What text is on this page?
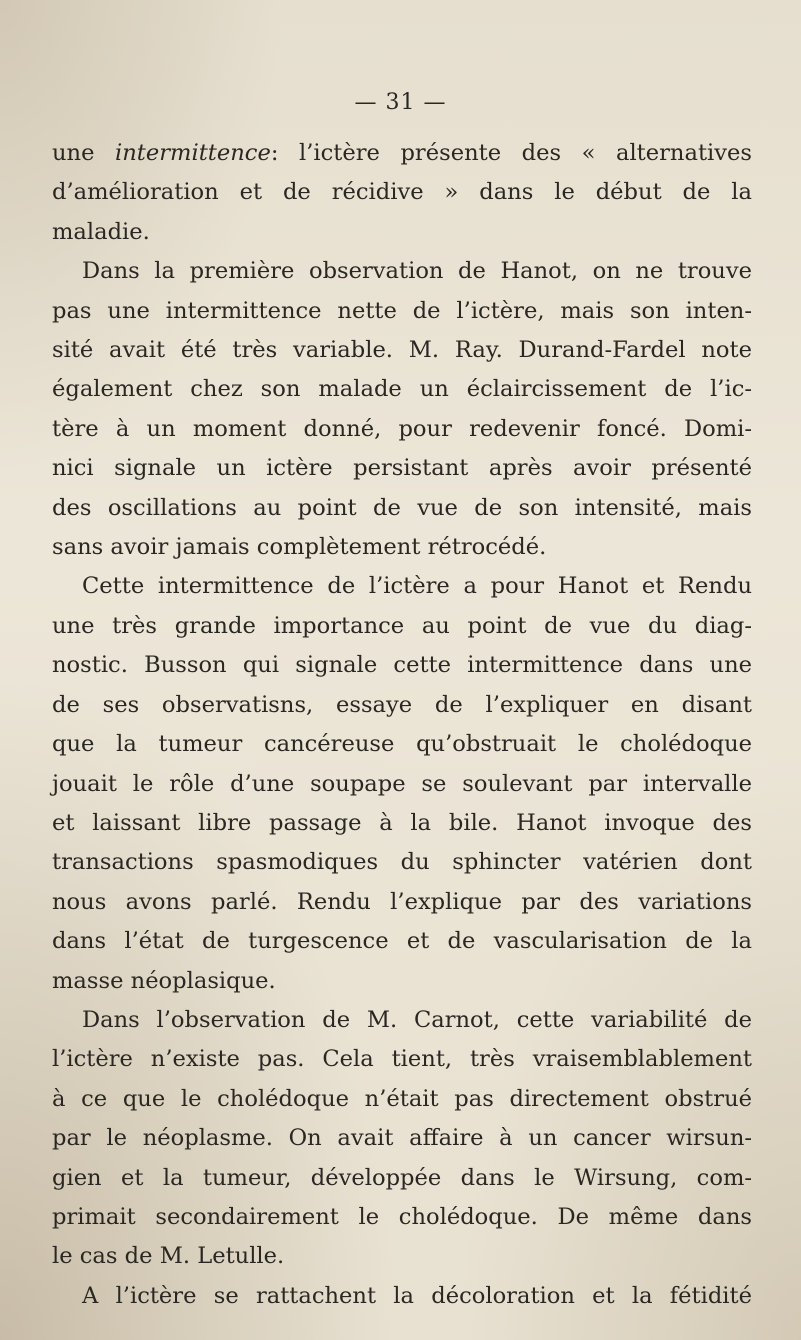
— 31 —
une intermittence: l’ictère présente des « alternatives
d’amélioration et de récidive » dans le début de la
maladie.
Dans la première observation de Hanot, on ne trouve
pas une intermittence nette de l’ictère, mais son inten-
sité avait été très variable. M. Ray. Durand-Fardel note
également chez son malade un éclaircissement de l’ic-
tère à un moment donné, pour redevenir foncé. Domi-
nici signale un ictère persistant après avoir présenté
des oscillations au point de vue de son intensité, mais
sans avoir jamais complètement rétrocédé.
Cette intermittence de l’ictère a pour Hanot et Rendu
une très grande importance au point de vue du diag-
nostic. Busson qui signale cette intermittence dans une
de ses observatisns, essaye de l’expliquer en disant
que la tumeur cancéreuse qu’obstruait le cholédoque
jouait le rôle d’une soupape se soulevant par intervalle
et laissant libre passage à la bile. Hanot invoque des
transactions spasmodiques du sphincter vatérien dont
nous avons parlé. Rendu l’explique par des variations
dans l’état de turgescence et de vascularisation de la
masse néoplasique.
Dans l’observation de M. Carnot, cette variabilité de
l’ictère n’existe pas. Cela tient, très vraisemblablement
à ce que le cholédoque n’était pas directement obstrué
par le néoplasme. On avait affaire à un cancer wirsun-
gien et la tumeur, développée dans le Wirsung, com-
primait secondairement le cholédoque. De même dans
le cas de M. Letulle.
A l’ictère se rattachent la décoloration et la fétidité
